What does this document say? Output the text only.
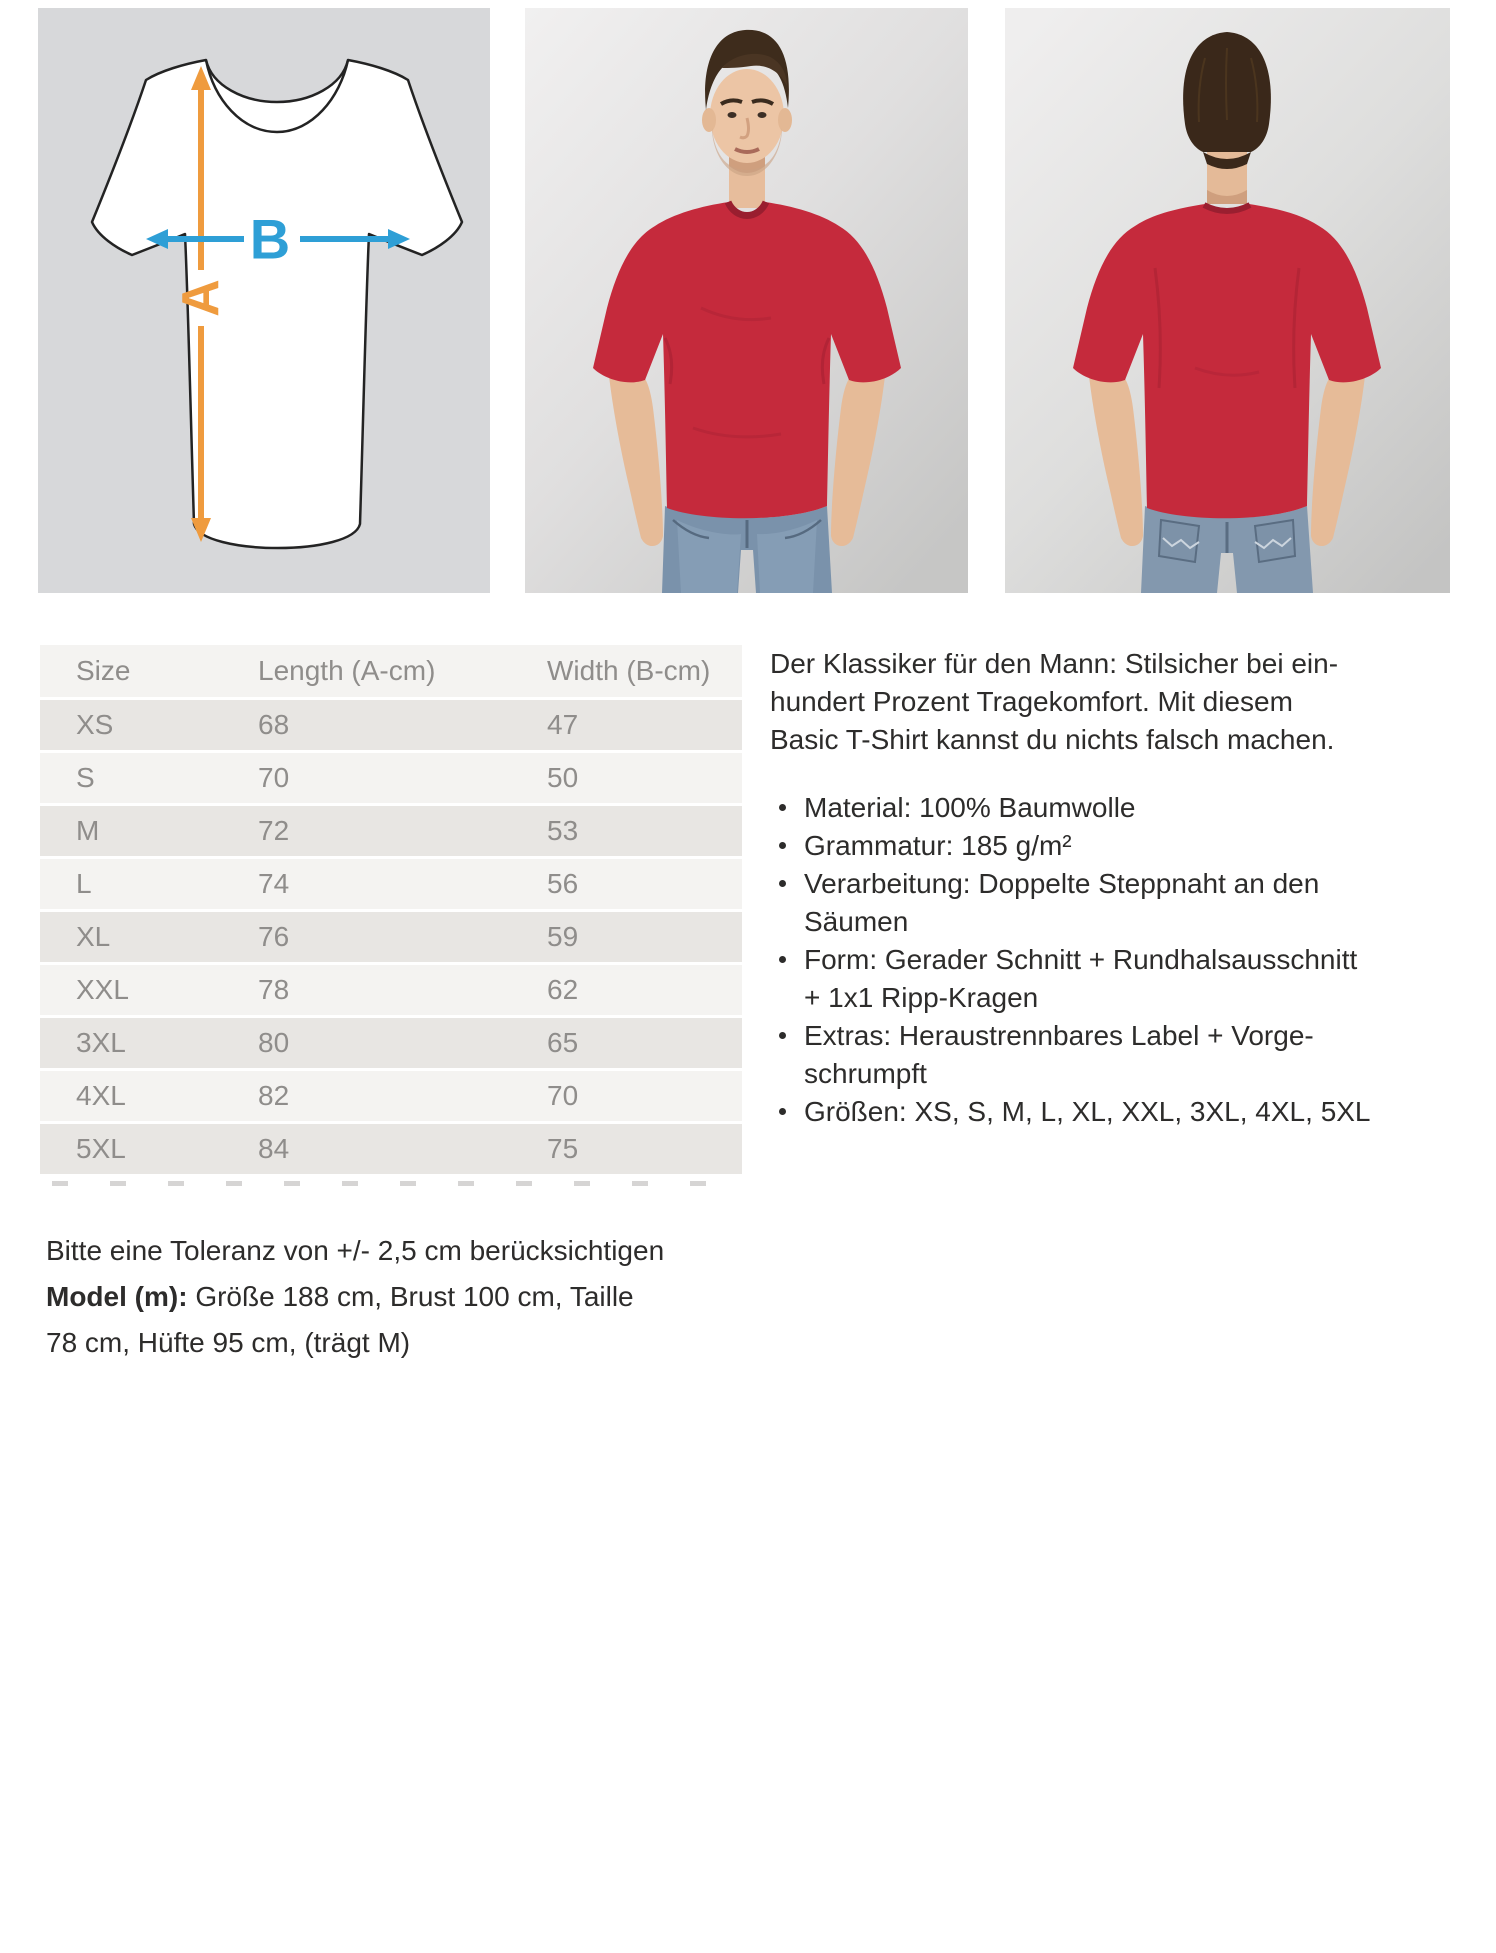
A
B
Size	Length (A-cm)	Width (B-cm)
XS	68	47
S	70	50
M	72	53
L	74	56
XL	76	59
XXL	78	62
3XL	80	65
4XL	82	70
5XL	84	75
Bitte eine Toleranz von +/- 2,5 cm berücksichtigen
Model (m): Größe 188 cm, Brust 100 cm, Taille
78 cm, Hüfte 95 cm, (trägt M)
Der Klassiker für den Mann: Stilsicher bei ein-
hundert Prozent Tragekomfort. Mit diesem
Basic T-Shirt kannst du nichts falsch machen.
Material: 100% Baumwolle
Grammatur: 185 g/m²
Verarbeitung: Doppelte Steppnaht an den
Säumen
Form: Gerader Schnitt + Rundhalsausschnitt
+ 1x1 Ripp-Kragen
Extras: Heraustrennbares Label + Vorge-
schrumpft
Größen: XS, S, M, L, XL, XXL, 3XL, 4XL, 5XL
